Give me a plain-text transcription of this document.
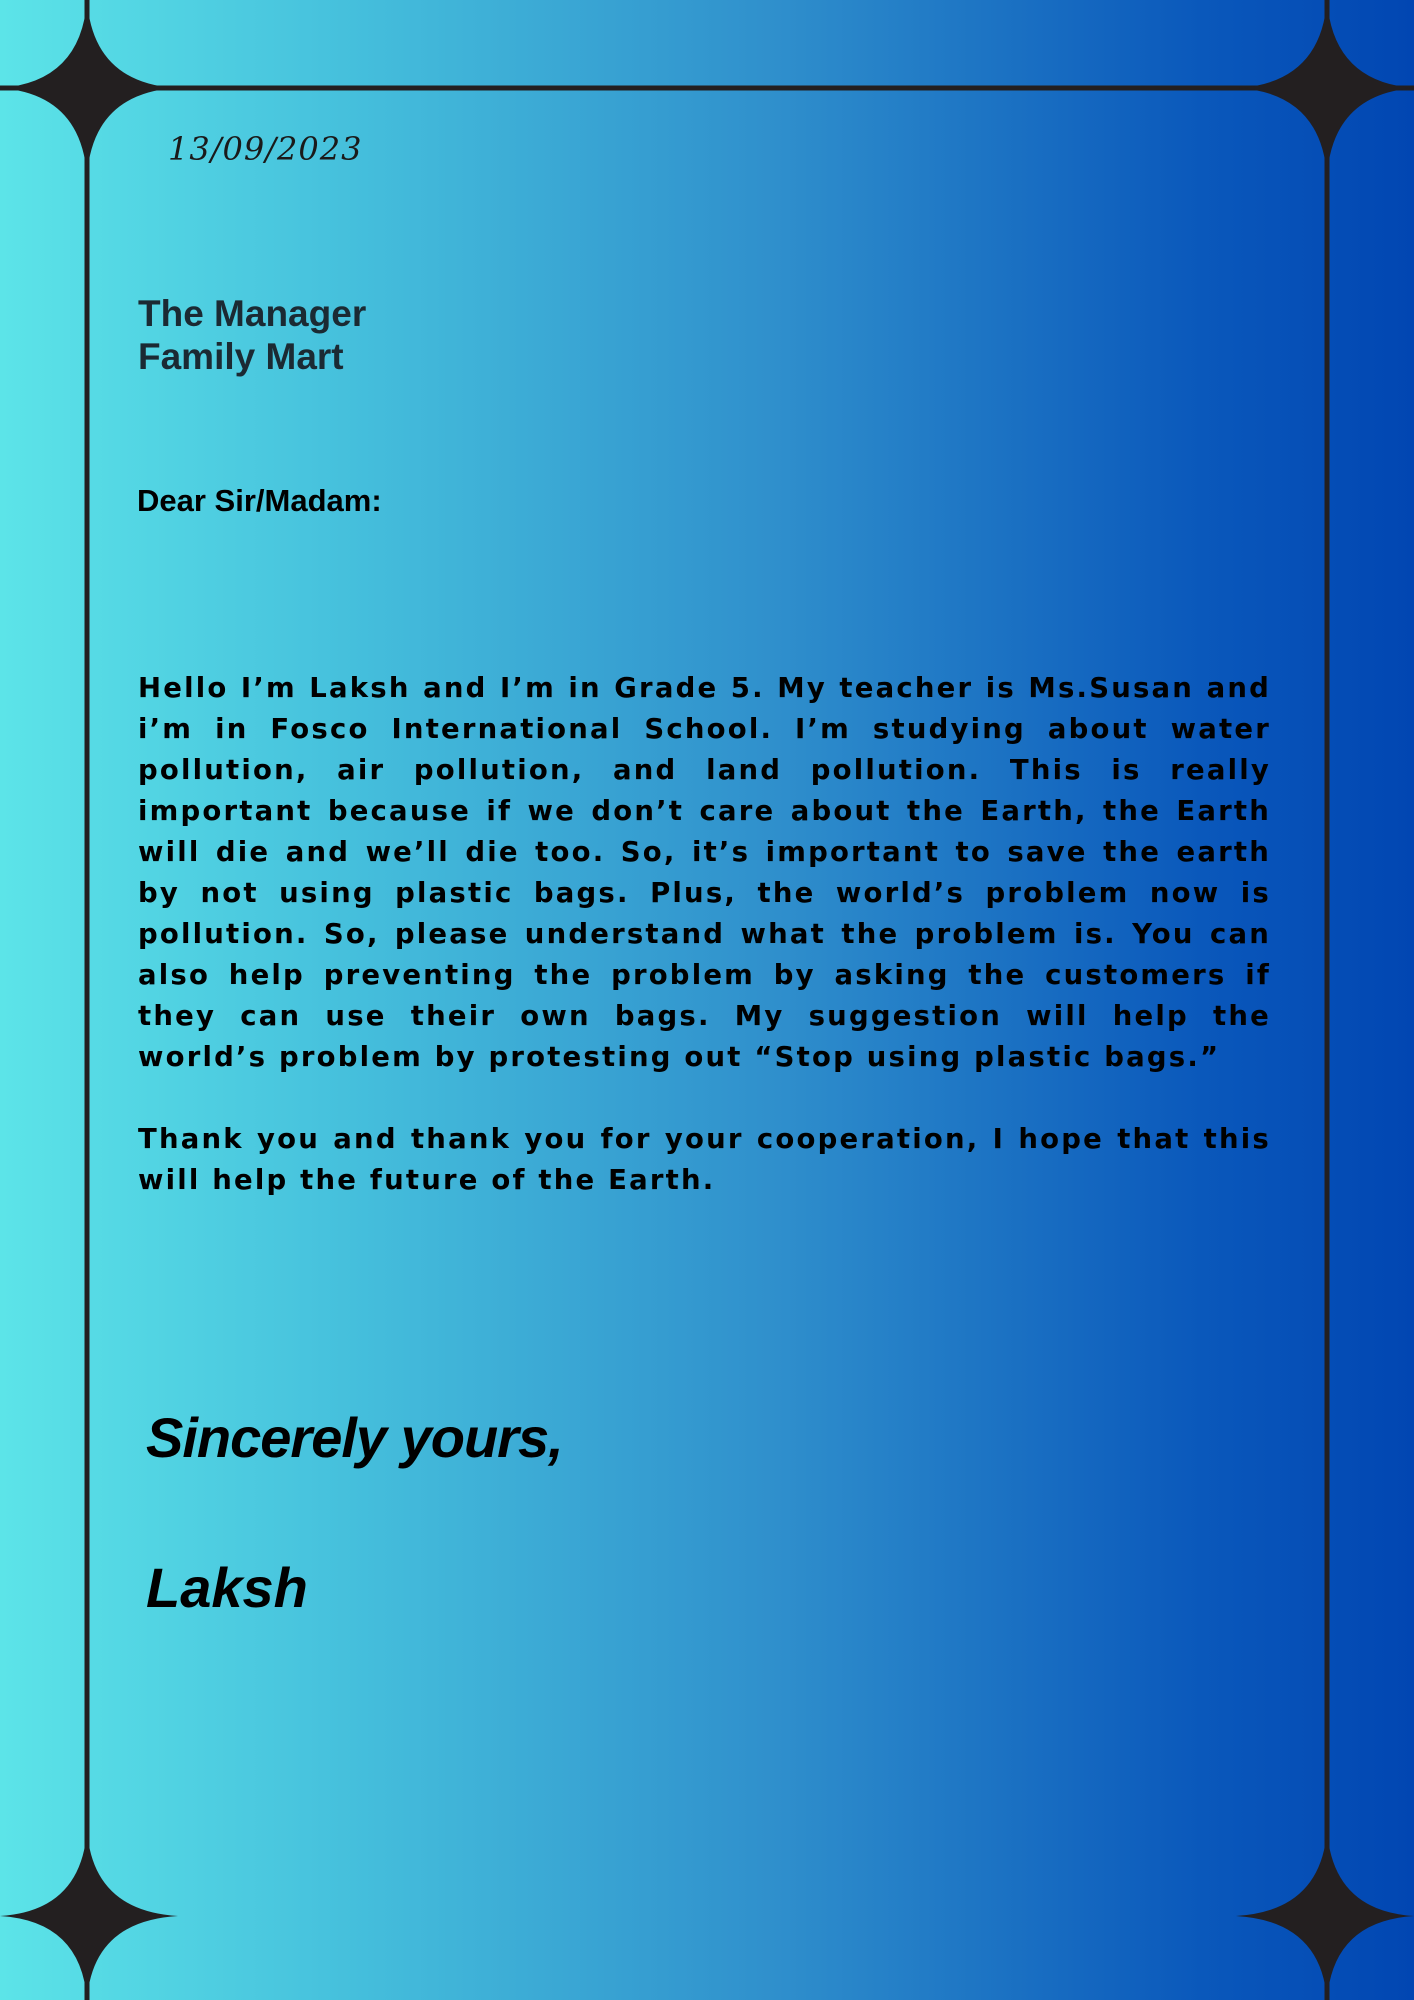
13/09/2023
The Manager
Family Mart
Dear Sir/Madam:

Hello I’m Laksh and I’m in Grade 5. My teacher is Ms.Susan and i’m in Fosco International School. I’m studying about water pollution, air pollution, and land pollution. This is really important because if we don’t care about the Earth, the Earth will die and we’ll die too. So, it’s important to save the earth by not using plastic bags. Plus, the world’s problem now is pollution. So, please understand what the problem is. You can also help preventing the problem by asking the customers if they can use their own bags. My suggestion will help the world’s problem by protesting out “Stop using plastic bags.”

Thank you and thank you for your cooperation, I hope that this will help the future of the Earth.

Sincerely yours,
Laksh
